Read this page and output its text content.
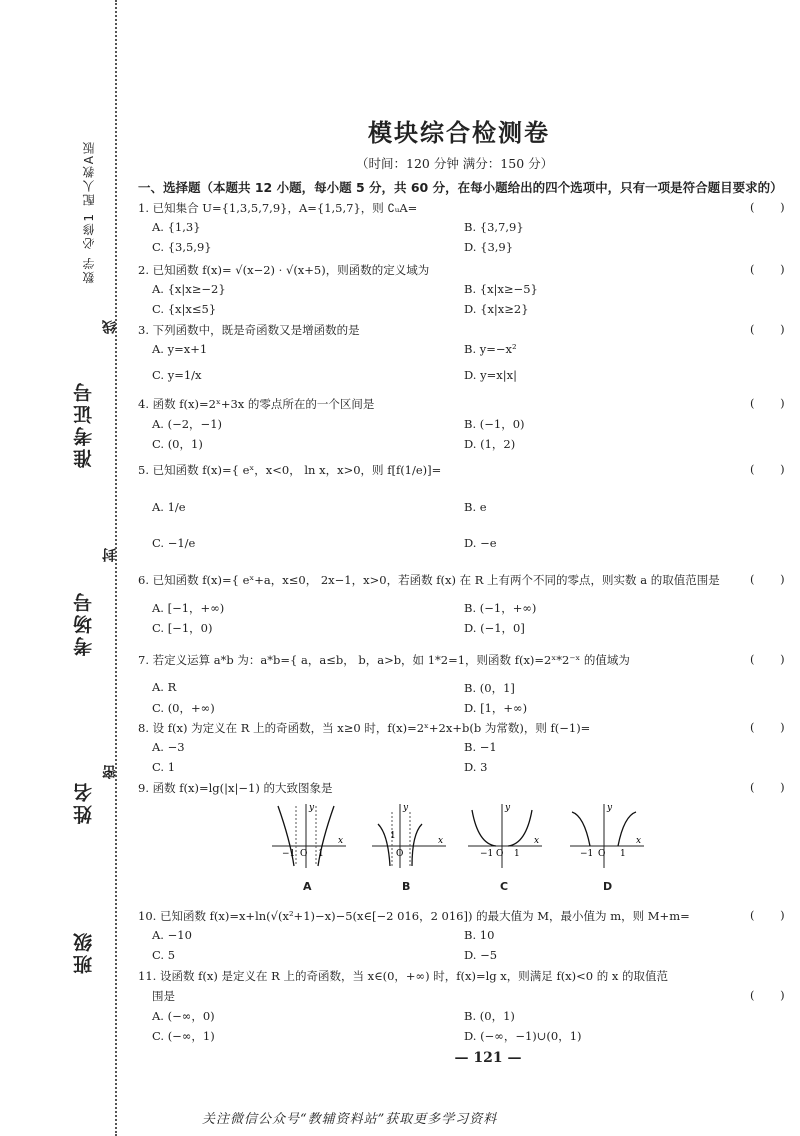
数学 必修1 配人教A版
准考证号
考场号
姓名
班级
线
封
密
模块综合检测卷
（时间：120 分钟 满分：150 分）
一、选择题（本题共 12 小题，每小题 5 分，共 60 分，在每小题给出的四个选项中，只有一项是符合题目要求的）
1. 已知集合 U={1,3,5,7,9}，A={1,5,7}，则 ∁ᵤA=	(       )
A. {1,3}	B. {3,7,9}
C. {3,5,9}	D. {3,9}
2. 已知函数 f(x)= √(x−2) · √(x+5)，则函数的定义域为	(       )
A. {x|x≥−2}	B. {x|x≥−5}
C. {x|x≤5}	D. {x|x≥2}
3. 下列函数中，既是奇函数又是增函数的是	(       )
A. y=x+1	B. y=−x²
C. y=1/x	D. y=x|x|
4. 函数 f(x)=2ˣ+3x 的零点所在的一个区间是	(       )
A. (−2，−1)	B. (−1，0)
C. (0，1)	D. (1，2)
5. 已知函数 f(x)={ eˣ，x<0， ln x，x>0，则 f[f(1/e)]=	(       )
A. 1/e	B. e
C. −1/e	D. −e
6. 已知函数 f(x)={ eˣ+a，x≤0， 2x−1，x>0，若函数 f(x) 在 R 上有两个不同的零点，则实数 a 的取值范围是	(       )
A. [−1，+∞)	B. (−1，+∞)
C. [−1，0)	D. (−1，0]
7. 若定义运算 a*b 为：a*b={ a，a≤b， b，a>b，如 1*2=1，则函数 f(x)=2ˣ*2⁻ˣ 的值域为	(       )
A. R	B. (0，1]
C. (0，+∞)	D. [1，+∞)
8. 设 f(x) 为定义在 R 上的奇函数，当 x≥0 时，f(x)=2ˣ+2x+b(b 为常数)，则 f(−1)=	(       )
A. −3	B. −1
C. 1	D. 3
9. 函数 f(x)=lg(|x|−1) 的大致图象是	(       )
y
x
−1 O 1
A
y
x
1
O
B
y
x
−1 O 1
C
y
x
−1 O 1
D
10. 已知函数 f(x)=x+ln(√(x²+1)−x)−5(x∈[−2 016，2 016]) 的最大值为 M，最小值为 m，则 M+m=	(       )
A. −10	B. 10
C. 5	D. −5
11. 设函数 f(x) 是定义在 R 上的奇函数，当 x∈(0，+∞) 时，f(x)=lg x，则满足 f(x)<0 的 x 的取值范
围是	(       )
A. (−∞，0)	B. (0，1)
C. (−∞，1)	D. (−∞，−1)∪(0，1)
— 121 —
关注微信公众号“教辅资料站”获取更多学习资料
